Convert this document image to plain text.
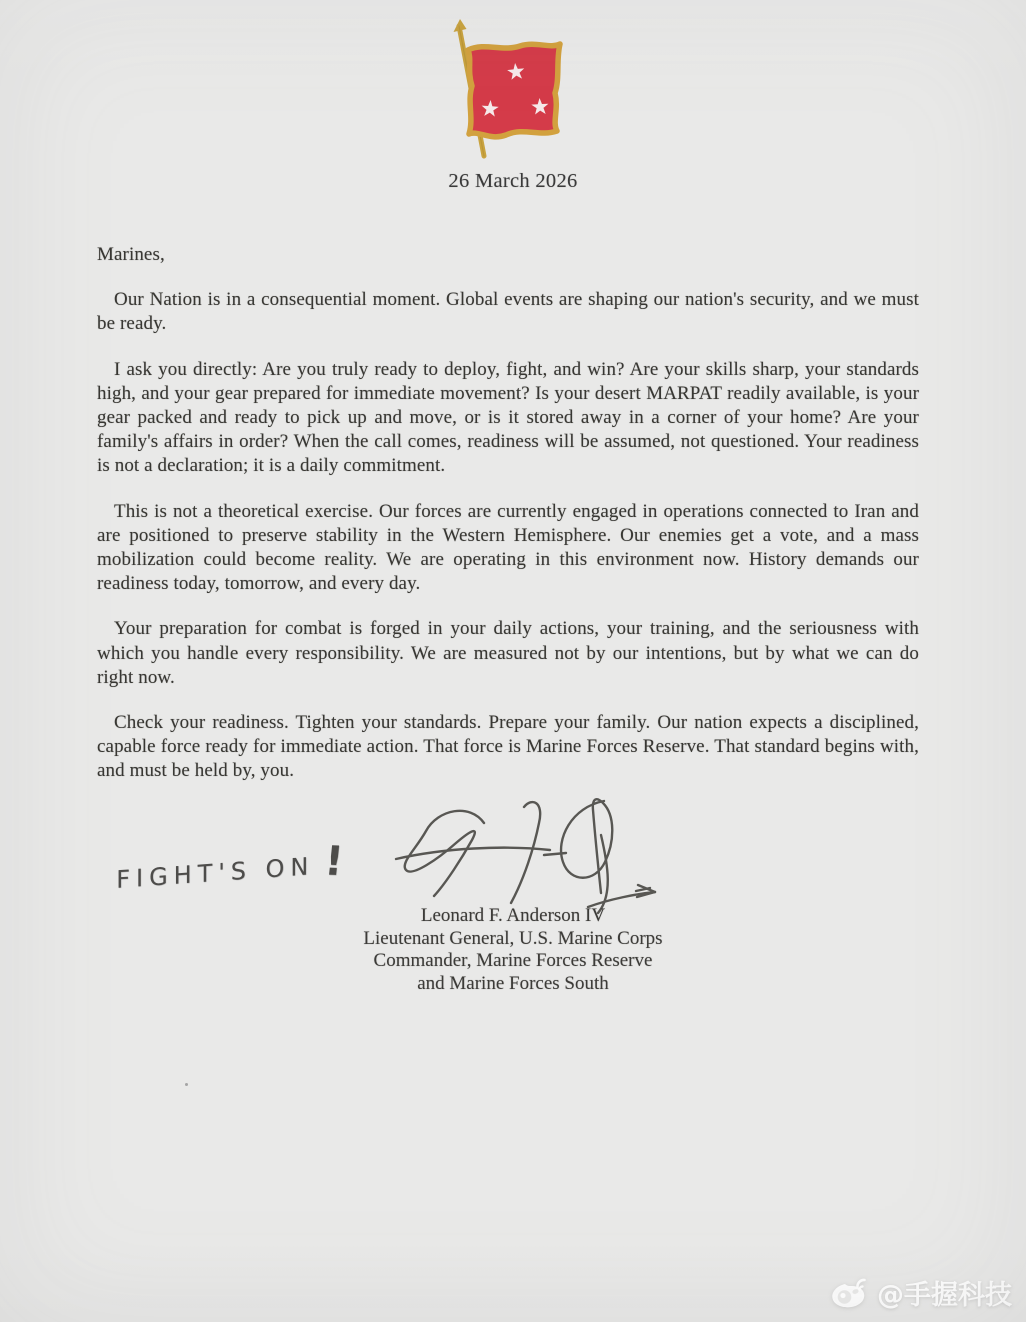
26 March 2026

Marines,

Our Nation is in a consequential moment. Global events are shaping our nation's security, and we must be ready.

I ask you directly: Are you truly ready to deploy, fight, and win? Are your skills sharp, your standards high, and your gear prepared for immediate movement? Is your desert MARPAT readily available, is your gear packed and ready to pick up and move, or is it stored away in a corner of your home? Are your family's affairs in order? When the call comes, readiness will be assumed, not questioned. Your readiness is not a declaration; it is a daily commitment.

This is not a theoretical exercise. Our forces are currently engaged in operations connected to Iran and are positioned to preserve stability in the Western Hemisphere. Our enemies get a vote, and a mass mobilization could become reality. We are operating in this environment now. History demands our readiness today, tomorrow, and every day.

Your preparation for combat is forged in your daily actions, your training, and the seriousness with which you handle every responsibility. We are measured not by our intentions, but by what we can do right now.

Check your readiness. Tighten your standards. Prepare your family. Our nation expects a disciplined, capable force ready for immediate action. That force is Marine Forces Reserve. That standard begins with, and must be held by, you.

FIGHT'S ON !
Leonard F. Anderson IV
Lieutenant General, U.S. Marine Corps
Commander, Marine Forces Reserve
and Marine Forces South
@手握科技
